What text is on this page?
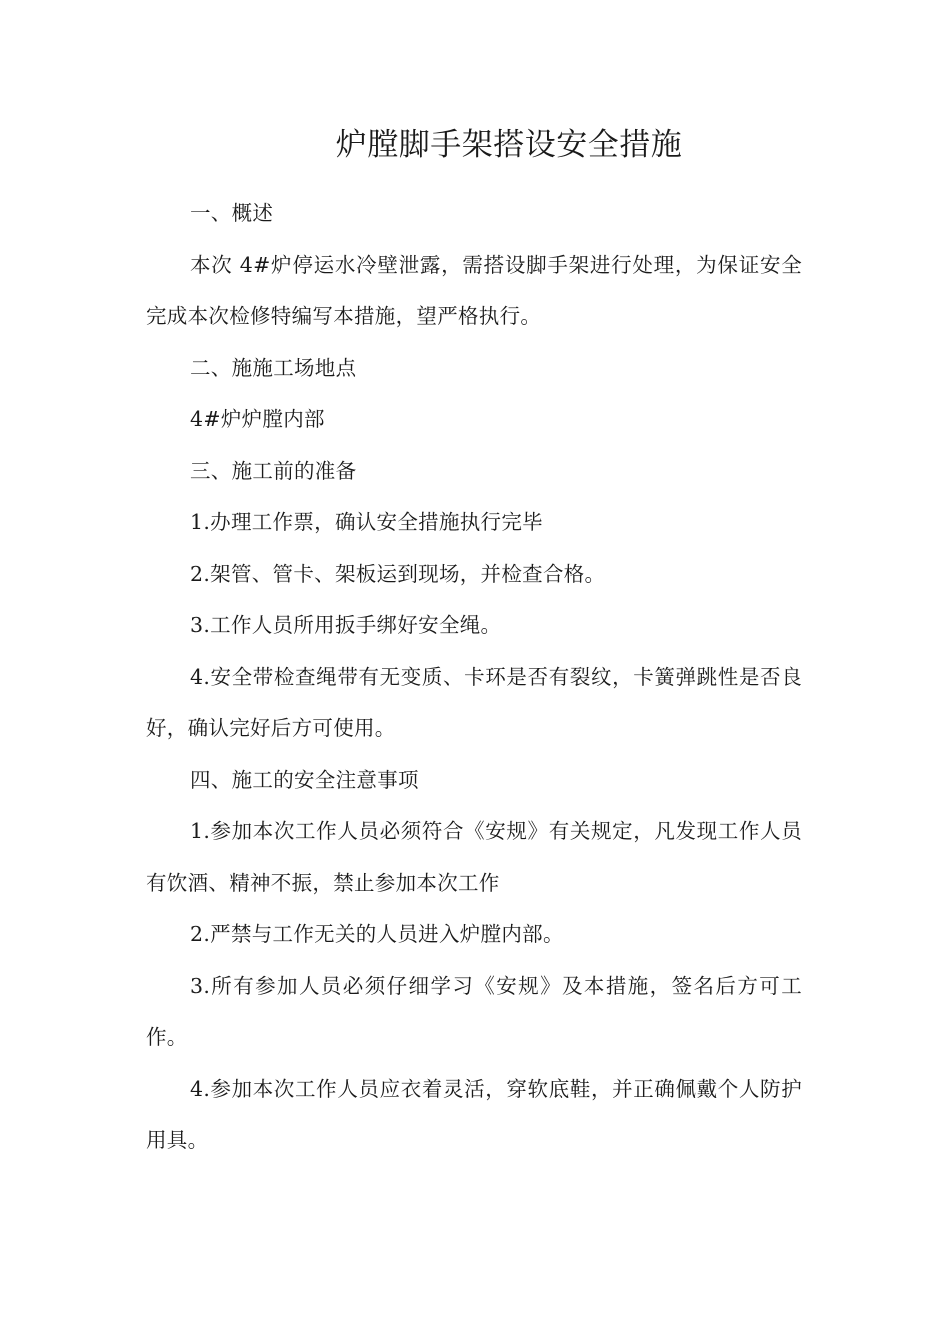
炉膛脚手架搭设安全措施

一、概述

本次 4#炉停运水冷壁泄露，需搭设脚手架进行处理，为保证安全完成本次检修特编写本措施，望严格执行。

二、施施工场地点

4#炉炉膛内部

三、施工前的准备

1.办理工作票，确认安全措施执行完毕

2.架管、管卡、架板运到现场，并检查合格。

3.工作人员所用扳手绑好安全绳。

4.安全带检查绳带有无变质、卡环是否有裂纹，卡簧弹跳性是否良好，确认完好后方可使用。

四、施工的安全注意事项

1.参加本次工作人员必须符合《安规》有关规定，凡发现工作人员有饮酒、精神不振，禁止参加本次工作

2.严禁与工作无关的人员进入炉膛内部。

3.所有参加人员必须仔细学习《安规》及本措施，签名后方可工作。

4.参加本次工作人员应衣着灵活，穿软底鞋，并正确佩戴个人防护用具。
